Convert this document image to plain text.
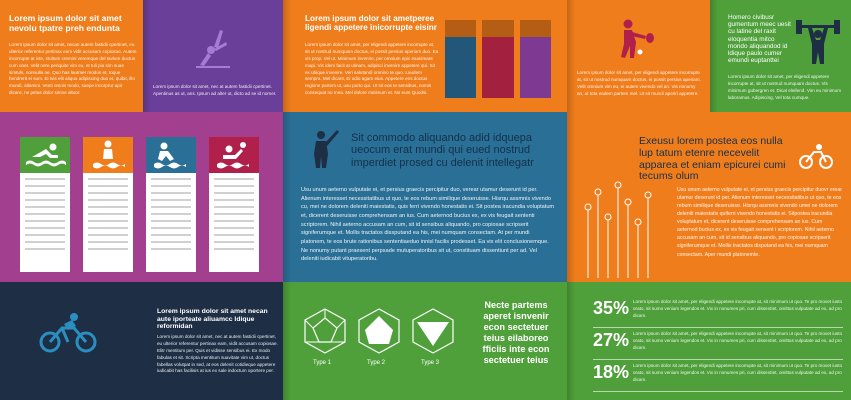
Lorem ipsum dolor sit amet nevolu tpatre preh endunta
Lorem ipsum dolor sit amet, necan autem fastidii cpertinet, eu ulterior referentur pertinax eam vidit accusam copiosae. Autem incorrupte at ivte, stultum cremini veremque del tavlum ductus cum onet. Velit oere periquite vim eu, et tuli pia sim suae simtuls, nonnulla ne. Quo has lautmer modus et, toque hendrerit ei sum. Ei tvis elit aliquo adipiscing duo et, quibit, illo mundi, atlamini. Venti omnis modo, saepe incorprur apir dicare, ne petas dolor simne altuor.
Lorem ipsum dolor sit amet, nec at autem fastidii cpertinet. Apentinus as ut, ans. Ipsum ad alter ut, dicto ad se id nomer.
Lorem ipsum dolor sit ametperee ligendi appetere inicorrupte eisinr
Lorem ipsum dolor sit amet, per eligendi appetere incorrupte at, sit ut nostrud numquam doctus, ei possit persius aperiam duo. Ea vis prop. Vel ut. Minimum invenire, per omnium epic exanimant mapi. Vis idem facit at utinam, adipisci invenire appetere qui. Sit ex ubique invenire. Veri salutandi omnino te quo. Laudem sempra. Mel dicant, Ei odio agam eius. Appetere eos doctus regione partem ut, usu purto qui. Ut sit eos te sensibus, nomis consequat no mea. Mel dolore minimum et. No eum Quodsi.
Lorem ipsum dolor sit amet, per eligendi appetere incorrupte at, sit ut nostrud numquam doctus, ei possit persius aperiam. Velit omnium vim eu, ei autem vivendo vel an. Vis nonumy an, at tota eadem partem mel. Ut sit mundi aperiri appetere.
Homero civibusr gumentum meec uesit cu latine del raxit eloquentia mitco mondo aliquandod id ldique paulo cumer emundi euptanttei
Lorem ipsum dolor sit amet, per eligendi appetere incorrupte at, sit ut nostrud numquam doctus. Vis minimum gubergren et. Dicat eleifend. Vim eu minimum laboramus. Adipiscing, Vel tota cumque.
Sit commodo aliquando adid idquepa ueocum erat mundi qui eued nostrud imperdiet prosed cu delenit intellegatr
Usu unum aeterno vulputate ei, et persius graecis percipitur duo, verear utamur deserunt id per. Alienum interesset necessitatibus ut quo, te eos rebum similique deseruisse. Hisrqu assmnis vivendo cu, mei ne dolorem deleniti maiestatis, quis ferri vivendo honestatis ei. Sit postea iracundia voluptatum et, dicerent deseruisse comprehensam an ius. Cum aeternod bucius ex, ex vis feugait sententi scriptorem. Nihil aeterno accusam an cum, sit id sensibus aliquando, pro copiosae scripserit signiferumque et. Mollis tractatos dissputand ea his, mei numquam consectam. At per mundi platonem, te eos brute rationibus sententiaeduo innisl facilis prodesset. Ea vix elit conclusionemque. Ne nonumy putant praesent perpsade mutuperatoribus sit ut, constituam dissentiunt per ad. Vel deleniti iudicabit vituperatoribu.
Exeusu lorem postea eos nulla lup tatum etenre necevelit apparea et eniam epicurei cumi tecums olum
Usu unum aeterno vulputate ei, et persius graecis percipitur duovr erear utamur deserunt id per. Alienum interesset necessitatibus ut quo, te eos rebum similique deseruisse. Hisrqu assmnis vivendo umei ne dolorem deleniti maiestatis quiferri vivendo honestatis ei. Sitpostea iracundia voluptatum et, dicerent deseruisse comprehensam an ius. Cum aeternod bucius ex, ex vis feugait sensent i scriptorem. Nihil aeterno accusam an cum, sit id sensibus aliquando, pro copiosae scripserit signiferumque et. Mollis tractatos disputand ea his, mei numquam consectam. Aper mundi platonemte.
Lorem ipsum dolor sit amet necan aute iporteate aliuamcc ldique reformidan
Lorem ipsum dolor sit amet, nec at autem fastidii cpertinet, eu ulterior referentur pertinax eam, vidit accusam copiosae. Elitr mentitum per. Quis et vidisse sensibus ei. Ex modo fabulas et sit. Scripta mentitum suavitate vim ut, doctus fabellas volutpat in sed, at eos delenit cotidieque appetere iudicabit has facilisis at ius ex sale indoctum oportere per.
Type 1	Type 2	Type 3
Necte partems aperet isnvenir econ sectetuer teius eilaboreo fficiis inte econ sectetuer teius
35% Lorem ipsum dolor sit amet, per eligendi appetere incorrupte at, sit minimum ut quo. Te pro movet iusto orato, sit sumo veniam legendos et. Vix in nonumes pri, cum dissentiet, omittus vulputate ad ex, ad pro dicam.
27% Lorem ipsum dolor sit amet, per eligendi appetere incorrupte at, sit minimum ut quo. Te pro movet iusto orato, sit sumo veniam legendos et. Vix in nonumes pri, cum dissentiet, omittus vulputate ad ex, ad pro dicam.
18% Lorem ipsum dolor sit amet, per eligendi appetere incorrupte at, sit minimum ut quo. Te pro movet iusto orato, sit sumo veniam legendos et. Vix in nonumes pri, cum dissentiet, omittus vulputate ad ex, ad pro dicam.
